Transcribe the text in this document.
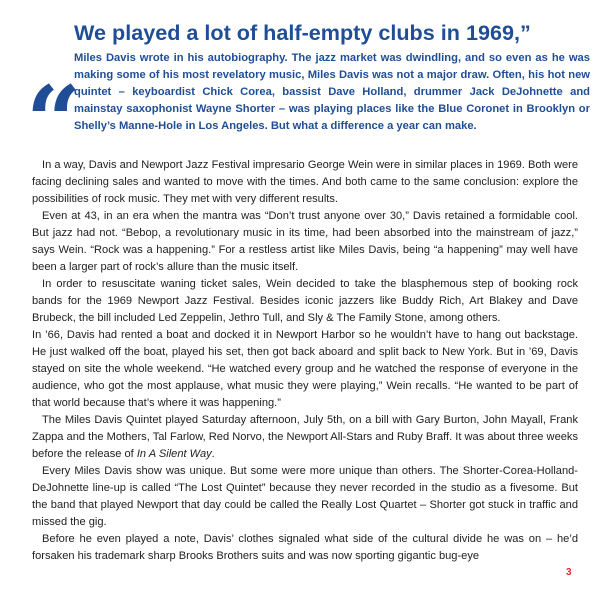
“
We played a lot of half-empty clubs in 1969,”

Miles Davis wrote in his autobiography. The jazz market was dwindling, and so even as he was making some of his most revelatory music, Miles Davis was not a major draw. Often, his hot new quintet – keyboardist Chick Corea, bassist Dave Holland, drummer Jack DeJohnette and mainstay saxophonist Wayne Shorter – was playing places like the Blue Coronet in Brooklyn or Shelly’s Manne-Hole in Los Angeles. But what a difference a year can make.

In a way, Davis and Newport Jazz Festival impresario George Wein were in similar places in 1969. Both were facing declining sales and wanted to move with the times. And both came to the same conclusion: explore the possibilities of rock music. They met with very different results.

Even at 43, in an era when the mantra was “Don’t trust anyone over 30,” Davis retained a formidable cool. But jazz had not. “Bebop, a revolutionary music in its time, had been absorbed into the mainstream of jazz,” says Wein. “Rock was a happening.” For a restless artist like Miles Davis, being “a happening” may well have been a larger part of rock’s allure than the music itself.

In order to resuscitate waning ticket sales, Wein decided to take the blasphemous step of booking rock bands for the 1969 Newport Jazz Festival. Besides iconic jazzers like Buddy Rich, Art Blakey and Dave Brubeck, the bill included Led Zeppelin, Jethro Tull, and Sly & The Family Stone, among others.

In ’66, Davis had rented a boat and docked it in Newport Harbor so he wouldn’t have to hang out backstage. He just walked off the boat, played his set, then got back aboard and split back to New York. But in ’69, Davis stayed on site the whole weekend. “He watched every group and he watched the response of everyone in the audience, who got the most applause, what music they were playing,” Wein recalls. “He wanted to be part of that world because that’s where it was happening.”

The Miles Davis Quintet played Saturday afternoon, July 5th, on a bill with Gary Burton, John Mayall, Frank Zappa and the Mothers, Tal Farlow, Red Norvo, the Newport All-Stars and Ruby Braff. It was about three weeks before the release of In A Silent Way.

Every Miles Davis show was unique. But some were more unique than others. The Shorter-Corea-Holland-DeJohnette line-up is called “The Lost Quintet” because they never recorded in the studio as a fivesome. But the band that played Newport that day could be called the Really Lost Quartet – Shorter got stuck in traffic and missed the gig.

Before he even played a note, Davis’ clothes signaled what side of the cultural divide he was on – he’d forsaken his trademark sharp Brooks Brothers suits and was now sporting gigantic bug-eye

3
